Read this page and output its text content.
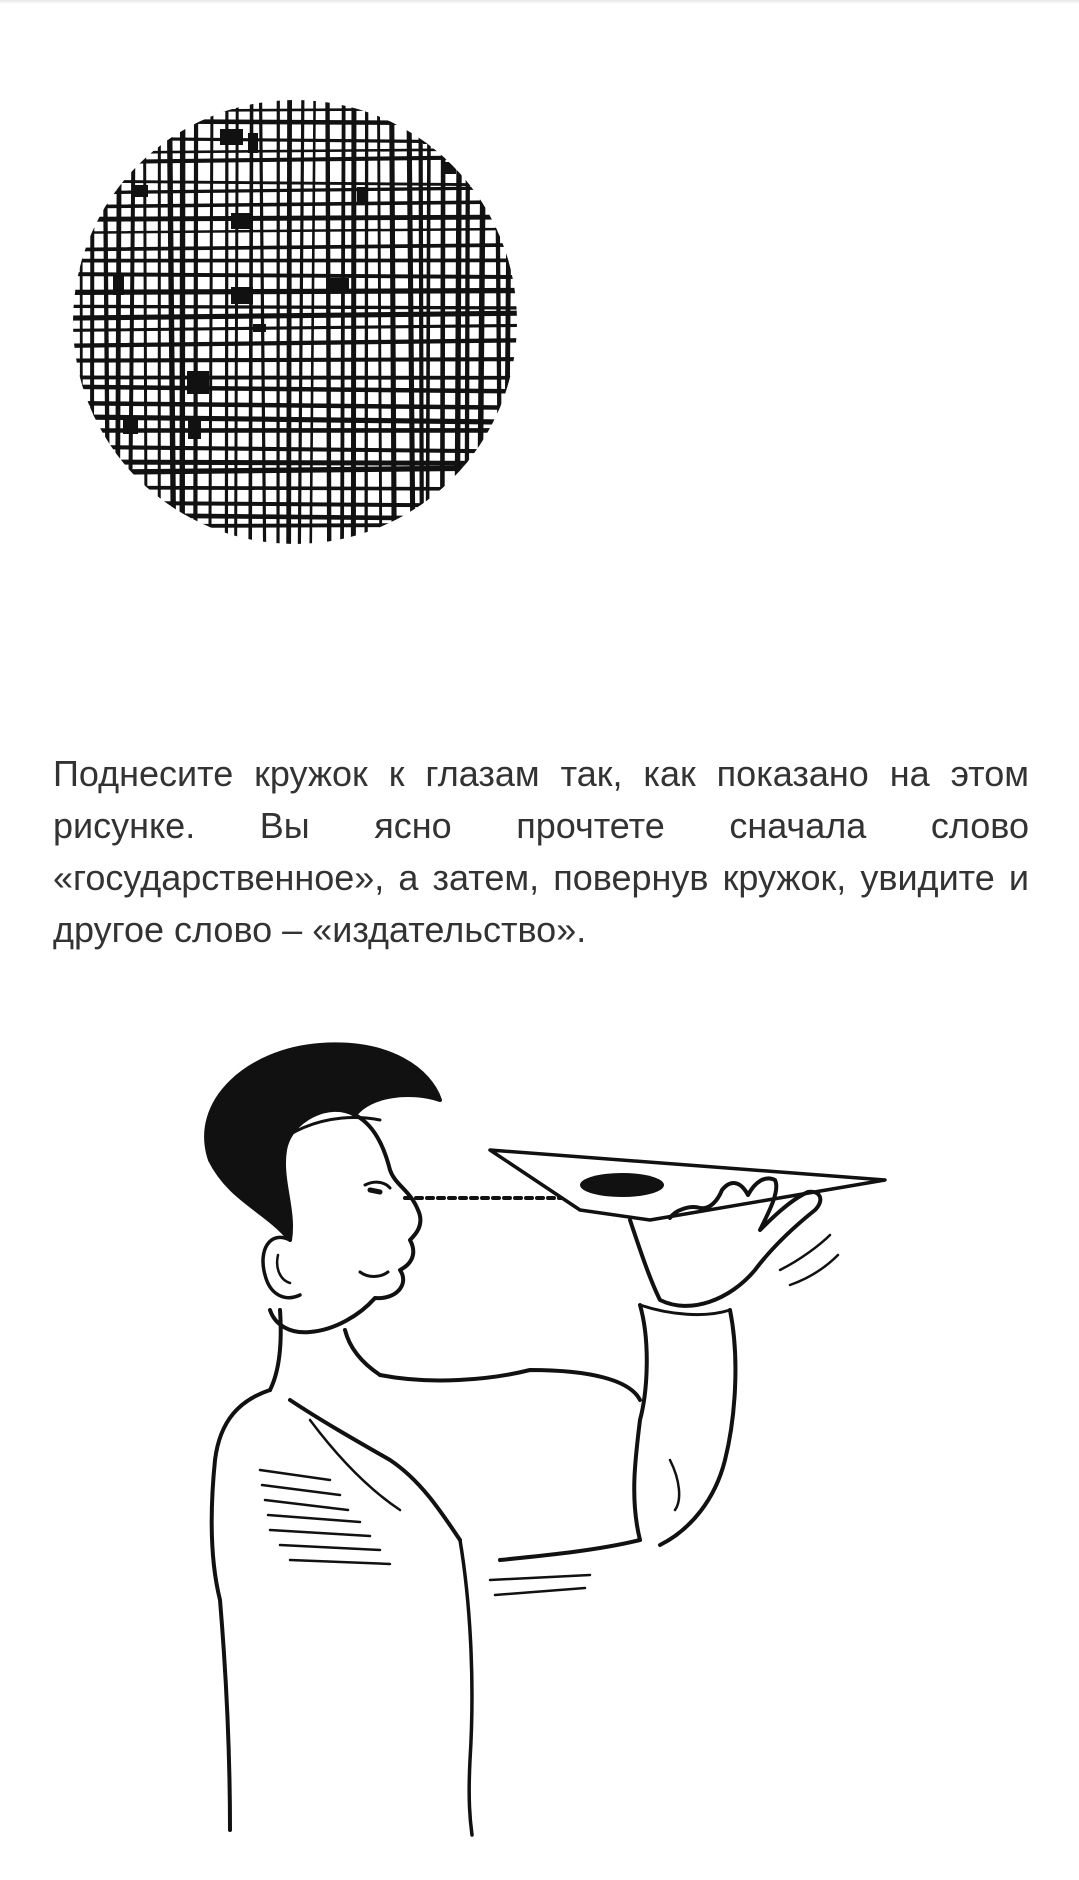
Поднесите кружок к глазам так, как показано на этом рисунке. Вы ясно прочтете сначала слово «государственное», а затем, повернув кружок, увидите и другое слово – «издательство».
